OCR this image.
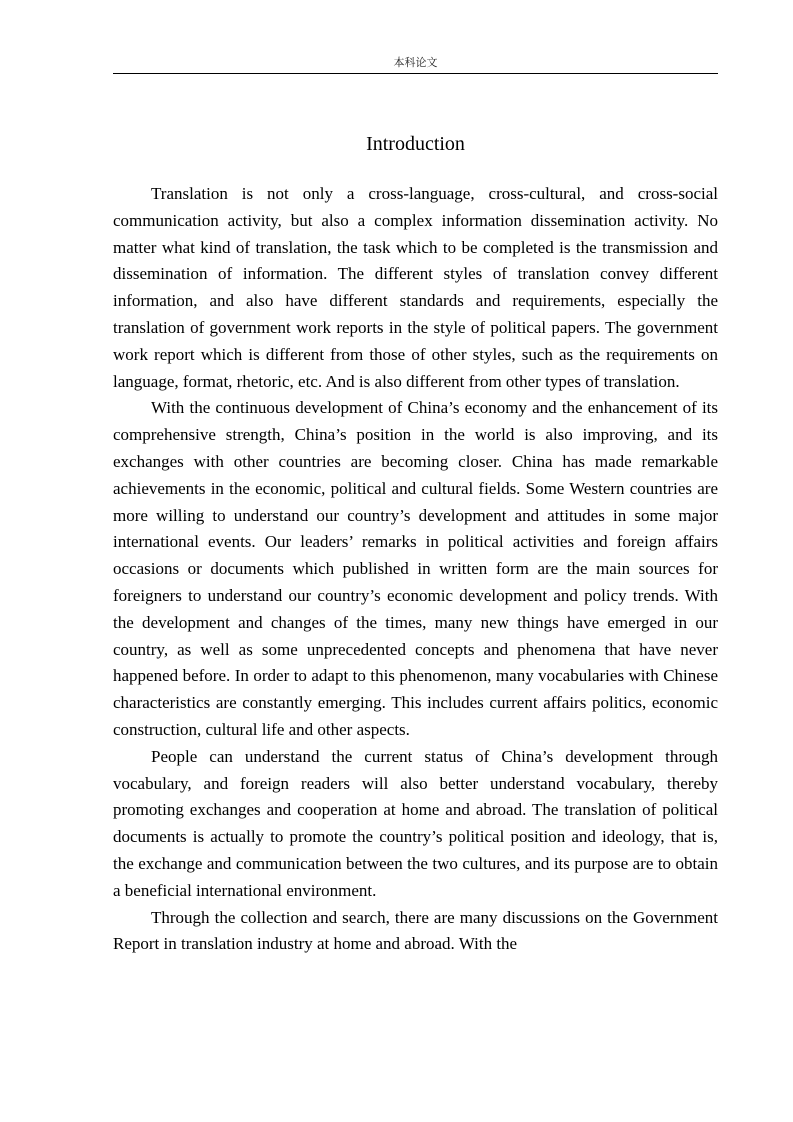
本科论文
Introduction

Translation is not only a cross-language, cross-cultural, and cross-social communication activity, but also a complex information dissemination activity. No matter what kind of translation, the task which to be completed is the transmission and dissemination of information. The different styles of translation convey different information, and also have different standards and requirements, especially the translation of government work reports in the style of political papers. The government work report which is different from those of other styles, such as the requirements on language, format, rhetoric, etc. And is also different from other types of translation.

With the continuous development of China’s economy and the enhancement of its comprehensive strength, China’s position in the world is also improving, and its exchanges with other countries are becoming closer. China has made remarkable achievements in the economic, political and cultural fields. Some Western countries are more willing to understand our country’s development and attitudes in some major international events. Our leaders’ remarks in political activities and foreign affairs occasions or documents which published in written form are the main sources for foreigners to understand our country’s economic development and policy trends. With the development and changes of the times, many new things have emerged in our country, as well as some unprecedented concepts and phenomena that have never happened before. In order to adapt to this phenomenon, many vocabularies with Chinese characteristics are constantly emerging. This includes current affairs politics, economic construction, cultural life and other aspects.

People can understand the current status of China’s development through vocabulary, and foreign readers will also better understand vocabulary, thereby promoting exchanges and cooperation at home and abroad. The translation of political documents is actually to promote the country’s political position and ideology, that is, the exchange and communication between the two cultures, and its purpose are to obtain a beneficial international environment.

Through the collection and search, there are many discussions on the Government Report in translation industry at home and abroad. With the
